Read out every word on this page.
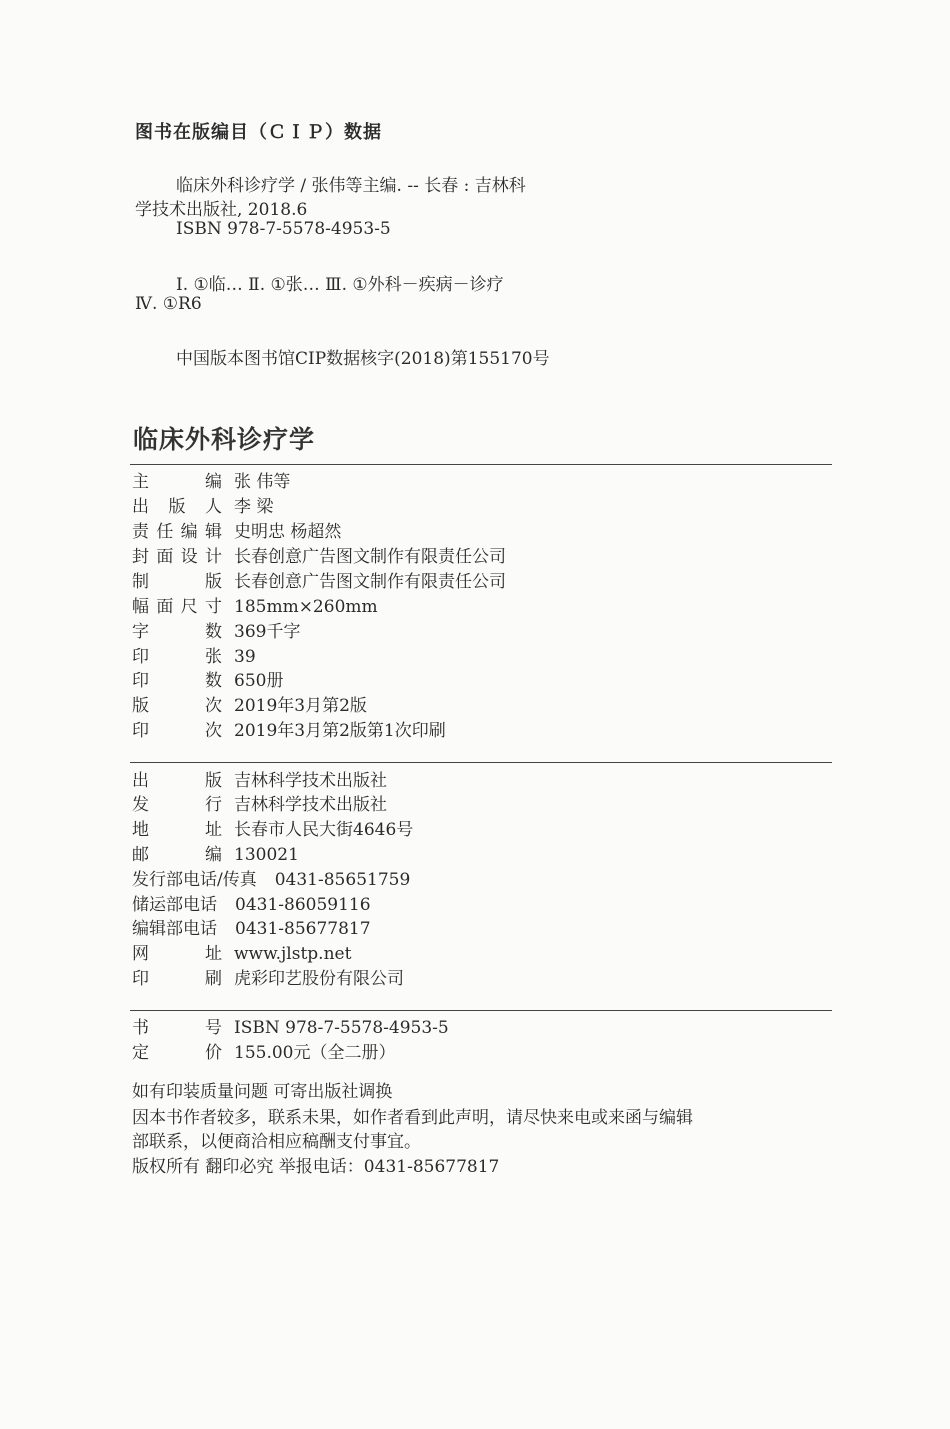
图书在版编目（ＣＩＰ）数据
临床外科诊疗学 / 张伟等主编. -- 长春 : 吉林科
学技术出版社, 2018.6
ISBN 978-7-5578-4953-5
Ⅰ. ①临… Ⅱ. ①张… Ⅲ. ①外科－疾病－诊疗
Ⅳ. ①R6
中国版本图书馆CIP数据核字(2018)第155170号
临床外科诊疗学
主编 张 伟等
出版人 李 梁
责任编辑 史明忠 杨超然
封面设计 长春创意广告图文制作有限责任公司
制版 长春创意广告图文制作有限责任公司
幅面尺寸 185mm×260mm
字数 369千字
印张 39
印数 650册
版次 2019年3月第2版
印次 2019年3月第2版第1次印刷
出版 吉林科学技术出版社
发行 吉林科学技术出版社
地址 长春市人民大街4646号
邮编 130021
发行部电话/传真 0431-85651759
储运部电话 0431-86059116
编辑部电话 0431-85677817
网址 www.jlstp.net
印刷 虎彩印艺股份有限公司
书号 ISBN 978-7-5578-4953-5
定价 155.00元（全二册）
如有印装质量问题 可寄出版社调换
因本书作者较多，联系未果，如作者看到此声明，请尽快来电或来函与编辑
部联系，以便商洽相应稿酬支付事宜。
版权所有 翻印必究 举报电话：0431-85677817
